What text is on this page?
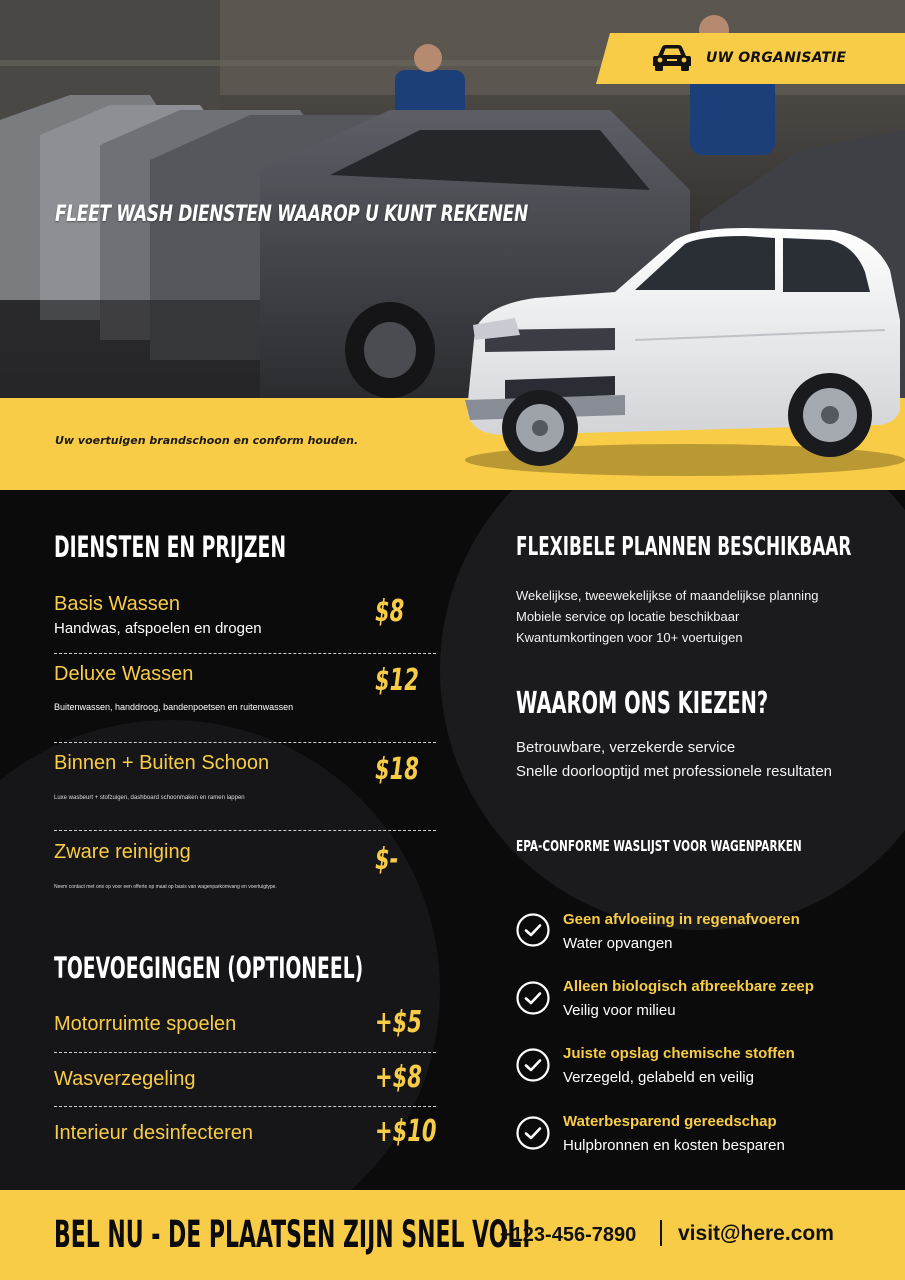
UW ORGANISATIE
FLEET WASH DIENSTEN WAAROP U KUNT REKENEN
Uw voertuigen brandschoon en conform houden.
DIENSTEN EN PRIJZEN
Basis Wassen
Handwas, afspoelen en drogen	$8
Deluxe Wassen
Buitenwassen, handdroog, bandenpoetsen en ruitenwassen
$12
Binnen + Buiten Schoon
Luxe wasbeurt + stofzuigen, dashboard schoonmaken en ramen lappen
$18
Zware reiniging
Neem contact met ons op voor een offerte op maat op basis van wagenparkomvang en voertuigtype.
$-
TOEVOEGINGEN (OPTIONEEL)
Motorruimte spoelen	+$5
Wasverzegeling	+$8
Interieur desinfecteren	+$10
FLEXIBELE PLANNEN BESCHIKBAAR
Wekelijkse, tweewekelijkse of maandelijkse planning
Mobiele service op locatie beschikbaar
Kwantumkortingen voor 10+ voertuigen
WAAROM ONS KIEZEN?
Betrouwbare, verzekerde service
Snelle doorlooptijd met professionele resultaten
EPA-CONFORME WASLIJST VOOR WAGENPARKEN
Geen afvloeiing in regenafvoeren
Water opvangen
Alleen biologisch afbreekbare zeep
Veilig voor milieu
Juiste opslag chemische stoffen
Verzegeld, gelabeld en veilig
Waterbesparend gereedschap
Hulpbronnen en kosten besparen
BEL NU - DE PLAATSEN ZIJN SNEL VOL!
+123-456-7890 visit@here.com
